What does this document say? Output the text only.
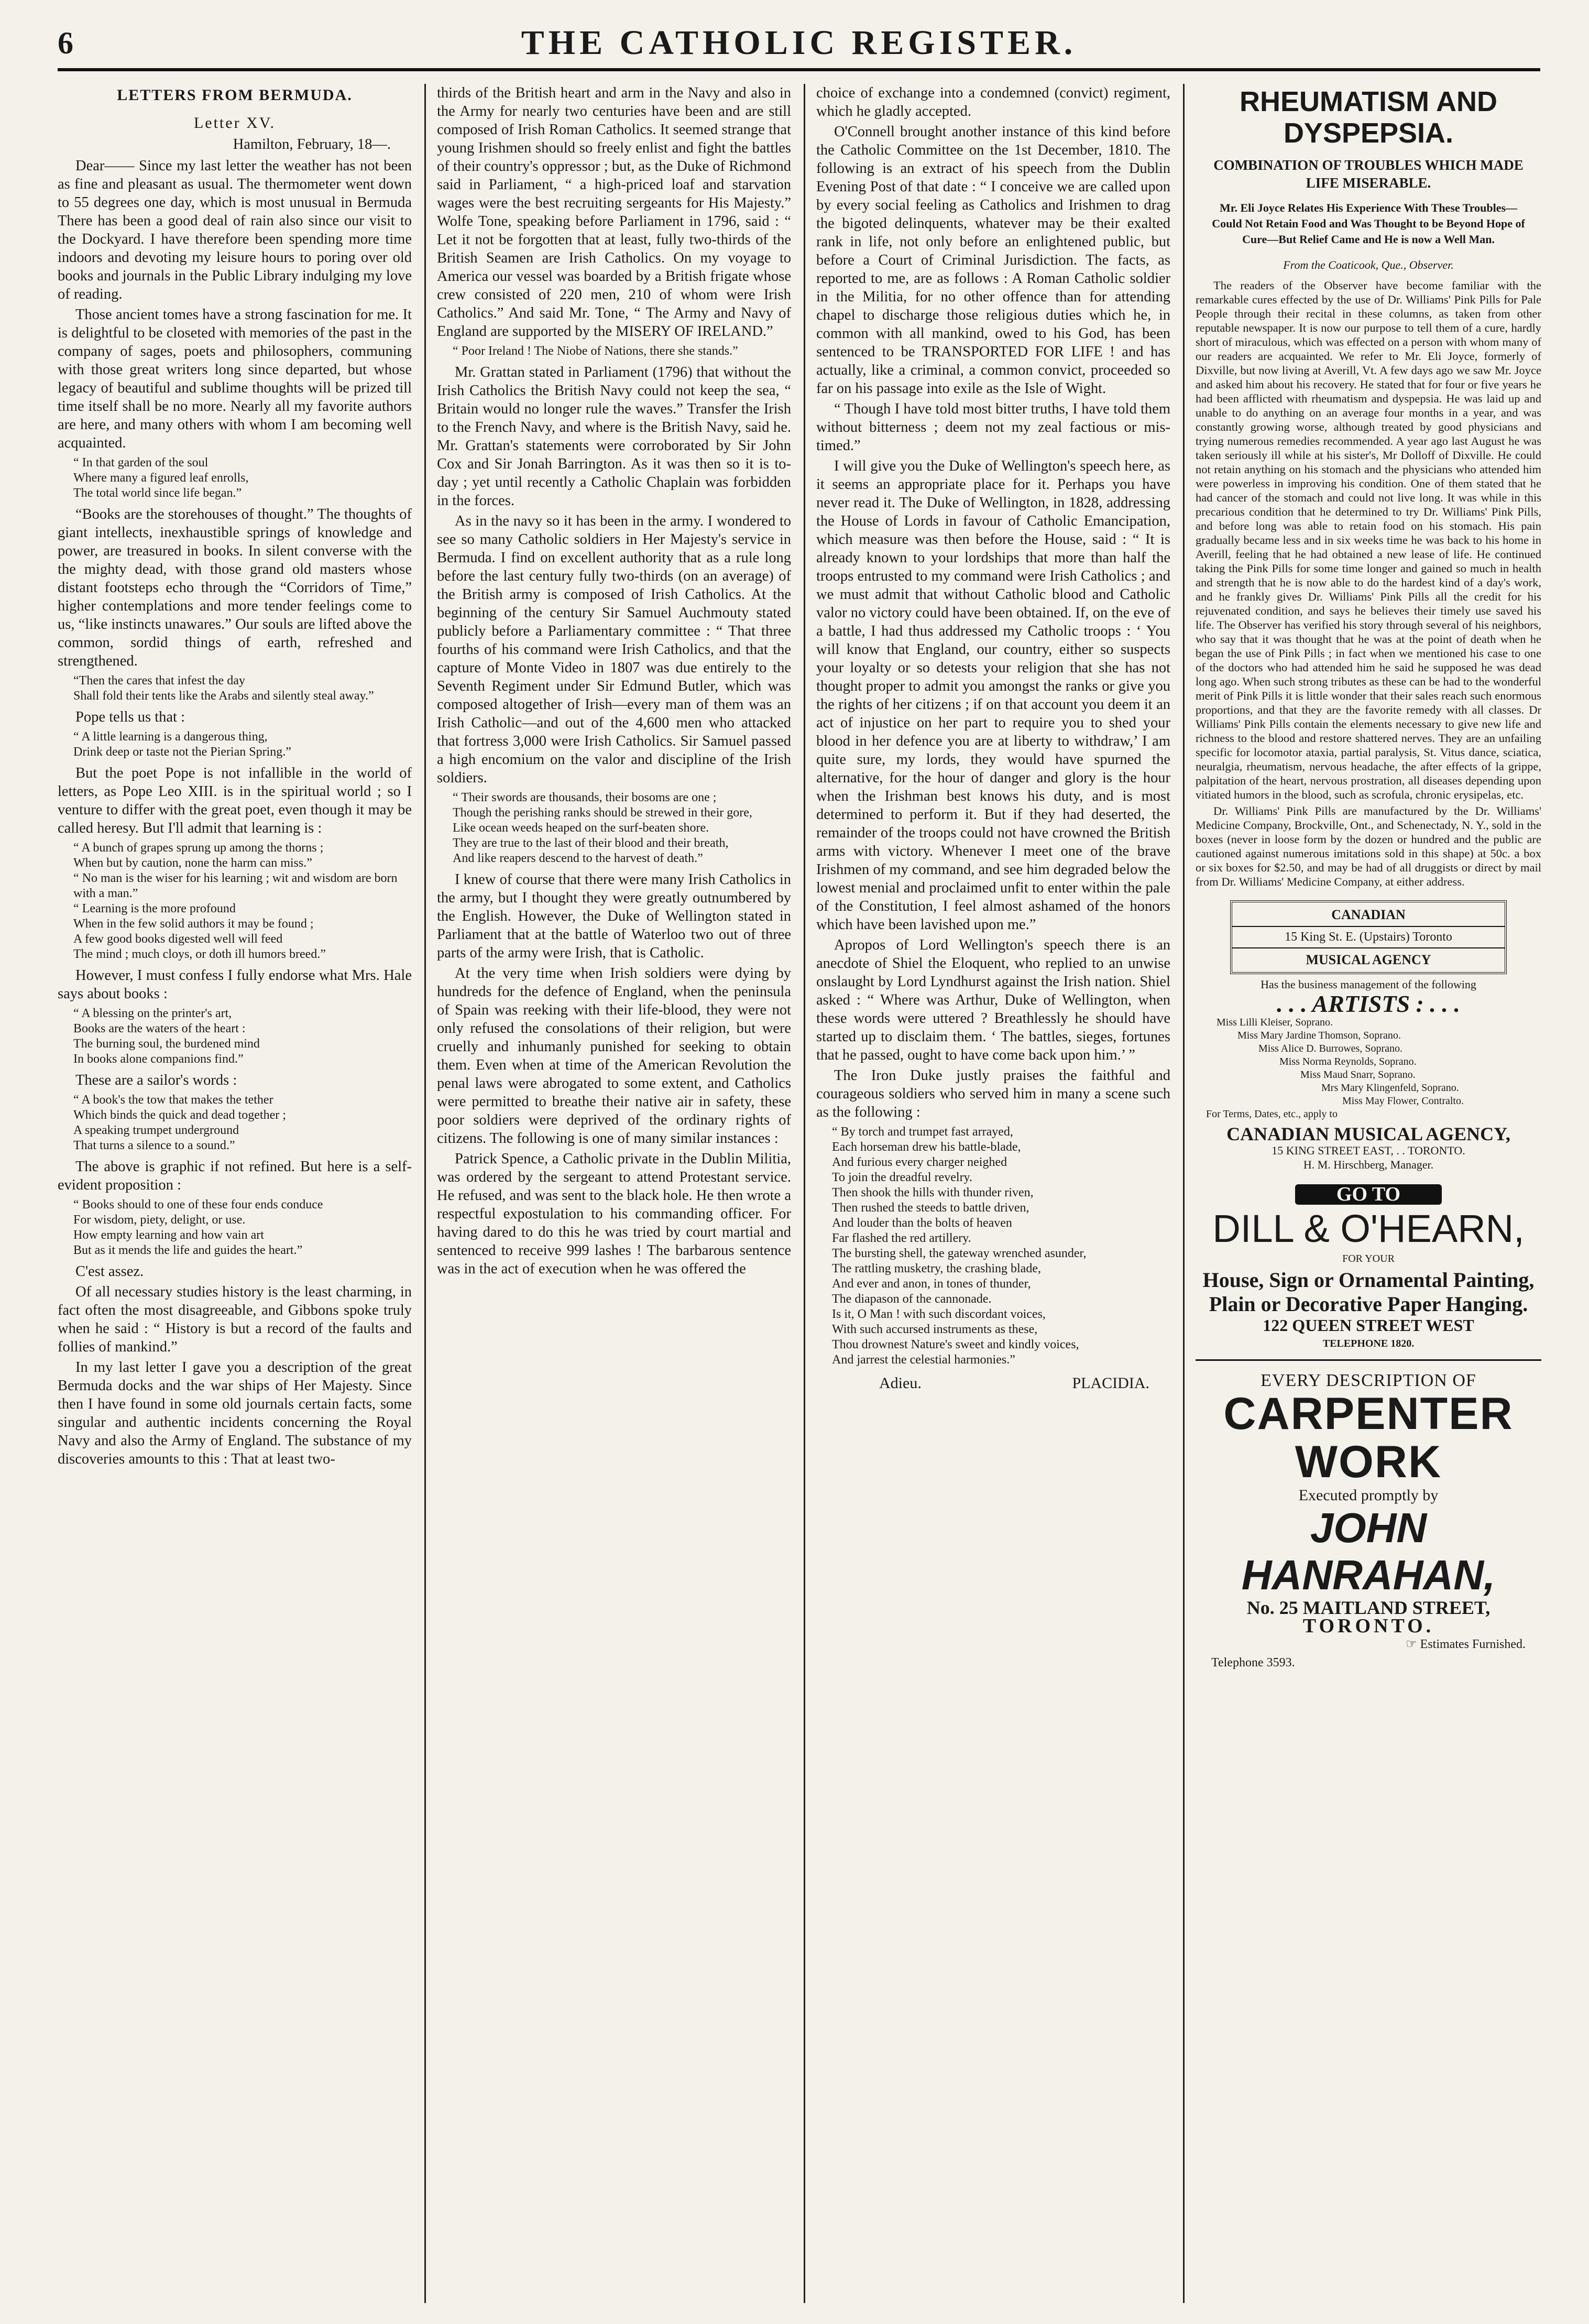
6	THE CATHOLIC REGISTER.
LETTERS FROM BERMUDA.
Letter XV.
Hamilton, February, 18—.

Dear—— Since my last letter the weather has not been as fine and pleasant as usual. The thermometer went down to 55 degrees one day, which is most unusual in Bermuda There has been a good deal of rain also since our visit to the Dockyard. I have therefore been spending more time indoors and devoting my leisure hours to poring over old books and journals in the Public Library indulging my love of reading.

Those ancient tomes have a strong fascination for me. It is delightful to be closeted with memories of the past in the company of sages, poets and philosophers, communing with those great writers long since departed, but whose legacy of beautiful and sublime thoughts will be prized till time itself shall be no more. Nearly all my favorite authors are here, and many others with whom I am becoming well acquainted.

“ In that garden of the soul
Where many a figured leaf enrolls,
The total world since life began.”

“Books are the storehouses of thought.” The thoughts of giant intellects, inexhaustible springs of knowledge and power, are treasured in books. In silent converse with the the mighty dead, with those grand old masters whose distant footsteps echo through the “Corridors of Time,” higher contemplations and more tender feelings come to us, “like instincts unawares.” Our souls are lifted above the common, sordid things of earth, refreshed and strengthened.

“Then the cares that infest the day
Shall fold their tents like the Arabs and silently steal away.”

Pope tells us that :

“ A little learning is a dangerous thing,
Drink deep or taste not the Pierian Spring.”

But the poet Pope is not infallible in the world of letters, as Pope Leo XIII. is in the spiritual world ; so I venture to differ with the great poet, even though it may be called heresy. But I'll admit that learning is :

“ A bunch of grapes sprung up among the thorns ;
When but by caution, none the harm can miss.”
“ No man is the wiser for his learning ; wit and wisdom are born with a man.”
“ Learning is the more profound
When in the few solid authors it may be found ;
A few good books digested well will feed
The mind ; much cloys, or doth ill humors breed.”

However, I must confess I fully endorse what Mrs. Hale says about books :

“ A blessing on the printer's art,
Books are the waters of the heart :
The burning soul, the burdened mind
In books alone companions find.”

These are a sailor's words :

“ A book's the tow that makes the tether
Which binds the quick and dead together ;
A speaking trumpet underground
That turns a silence to a sound.”

The above is graphic if not refined. But here is a self-evident proposition :

“ Books should to one of these four ends conduce
For wisdom, piety, delight, or use.
How empty learning and how vain art
But as it mends the life and guides the heart.”

C'est assez.

Of all necessary studies history is the least charming, in fact often the most disagreeable, and Gibbons spoke truly when he said : “ History is but a record of the faults and follies of mankind.”

In my last letter I gave you a description of the great Bermuda docks and the war ships of Her Majesty. Since then I have found in some old journals certain facts, some singular and authentic incidents concerning the Royal Navy and also the Army of England. The substance of my discoveries amounts to this : That at least two-

thirds of the British heart and arm in the Navy and also in the Army for nearly two centuries have been and are still composed of Irish Roman Catholics. It seemed strange that young Irishmen should so freely enlist and fight the battles of their country's oppressor ; but, as the Duke of Richmond said in Parliament, “ a high-priced loaf and starvation wages were the best recruiting sergeants for His Majesty.” Wolfe Tone, speaking before Parliament in 1796, said : “ Let it not be forgotten that at least, fully two-thirds of the British Seamen are Irish Catholics. On my voyage to America our vessel was boarded by a British frigate whose crew consisted of 220 men, 210 of whom were Irish Catholics.” And said Mr. Tone, “ The Army and Navy of England are supported by the MISERY OF IRELAND.”

“ Poor Ireland ! The Niobe of Nations, there she stands.”

Mr. Grattan stated in Parliament (1796) that without the Irish Catholics the British Navy could not keep the sea, “ Britain would no longer rule the waves.” Transfer the Irish to the French Navy, and where is the British Navy, said he. Mr. Grattan's statements were corroborated by Sir John Cox and Sir Jonah Barrington. As it was then so it is to-day ; yet until recently a Catholic Chaplain was forbidden in the forces.

As in the navy so it has been in the army. I wondered to see so many Catholic soldiers in Her Majesty's service in Bermuda. I find on excellent authority that as a rule long before the last century fully two-thirds (on an average) of the British army is composed of Irish Catholics. At the beginning of the century Sir Samuel Auchmouty stated publicly before a Parliamentary committee : “ That three fourths of his command were Irish Catholics, and that the capture of Monte Video in 1807 was due entirely to the Seventh Regiment under Sir Edmund Butler, which was composed altogether of Irish—every man of them was an Irish Catholic—and out of the 4,600 men who attacked that fortress 3,000 were Irish Catholics. Sir Samuel passed a high encomium on the valor and discipline of the Irish soldiers.

“ Their swords are thousands, their bosoms are one ;
Though the perishing ranks should be strewed in their gore,
Like ocean weeds heaped on the surf-beaten shore.
They are true to the last of their blood and their breath,
And like reapers descend to the harvest of death.”

I knew of course that there were many Irish Catholics in the army, but I thought they were greatly outnumbered by the English. However, the Duke of Wellington stated in Parliament that at the battle of Waterloo two out of three parts of the army were Irish, that is Catholic.

At the very time when Irish soldiers were dying by hundreds for the defence of England, when the peninsula of Spain was reeking with their life-blood, they were not only refused the consolations of their religion, but were cruelly and inhumanly punished for seeking to obtain them. Even when at time of the American Revolution the penal laws were abrogated to some extent, and Catholics were permitted to breathe their native air in safety, these poor soldiers were deprived of the ordinary rights of citizens. The following is one of many similar instances :

Patrick Spence, a Catholic private in the Dublin Militia, was ordered by the sergeant to attend Protestant service. He refused, and was sent to the black hole. He then wrote a respectful expostulation to his commanding officer. For having dared to do this he was tried by court martial and sentenced to receive 999 lashes ! The barbarous sentence was in the act of execution when he was offered the

choice of exchange into a condemned (convict) regiment, which he gladly accepted.

O'Connell brought another instance of this kind before the Catholic Committee on the 1st December, 1810. The following is an extract of his speech from the Dublin Evening Post of that date : “ I conceive we are called upon by every social feeling as Catholics and Irishmen to drag the bigoted delinquents, whatever may be their exalted rank in life, not only before an enlightened public, but before a Court of Criminal Jurisdiction. The facts, as reported to me, are as follows : A Roman Catholic soldier in the Militia, for no other offence than for attending chapel to discharge those religious duties which he, in common with all mankind, owed to his God, has been sentenced to be TRANSPORTED FOR LIFE ! and has actually, like a criminal, a common convict, proceeded so far on his passage into exile as the Isle of Wight.

“ Though I have told most bitter truths, I have told them without bitterness ; deem not my zeal factious or mis-timed.”

I will give you the Duke of Wellington's speech here, as it seems an appropriate place for it. Perhaps you have never read it. The Duke of Wellington, in 1828, addressing the House of Lords in favour of Catholic Emancipation, which measure was then before the House, said : “ It is already known to your lordships that more than half the troops entrusted to my command were Irish Catholics ; and we must admit that without Catholic blood and Catholic valor no victory could have been obtained. If, on the eve of a battle, I had thus addressed my Catholic troops : ‘ You will know that England, our country, either so suspects your loyalty or so detests your religion that she has not thought proper to admit you amongst the ranks or give you the rights of her citizens ; if on that account you deem it an act of injustice on her part to require you to shed your blood in her defence you are at liberty to withdraw,’ I am quite sure, my lords, they would have spurned the alternative, for the hour of danger and glory is the hour when the Irishman best knows his duty, and is most determined to perform it. But if they had deserted, the remainder of the troops could not have crowned the British arms with victory. Whenever I meet one of the brave Irishmen of my command, and see him degraded below the lowest menial and proclaimed unfit to enter within the pale of the Constitution, I feel almost ashamed of the honors which have been lavished upon me.”

Apropos of Lord Wellington's speech there is an anecdote of Shiel the Eloquent, who replied to an unwise onslaught by Lord Lyndhurst against the Irish nation. Shiel asked : “ Where was Arthur, Duke of Wellington, when these words were uttered ? Breathlessly he should have started up to disclaim them. ‘ The battles, sieges, fortunes that he passed, ought to have come back upon him.’ ”

The Iron Duke justly praises the faithful and courageous soldiers who served him in many a scene such as the following :

“ By torch and trumpet fast arrayed,
Each horseman drew his battle-blade,
And furious every charger neighed
To join the dreadful revelry.
Then shook the hills with thunder riven,
Then rushed the steeds to battle driven,
And louder than the bolts of heaven
Far flashed the red artillery.
The bursting shell, the gateway wrenched asunder,
The rattling musketry, the crashing blade,
And ever and anon, in tones of thunder,
The diapason of the cannonade.
Is it, O Man ! with such discordant voices,
With such accursed instruments as these,
Thou drownest Nature's sweet and kindly voices,
And jarrest the celestial harmonies.”
Adieu.	PLACIDIA.
RHEUMATISM AND DYSPEPSIA.
COMBINATION OF TROUBLES WHICH MADE LIFE MISERABLE.
Mr. Eli Joyce Relates His Experience With These Troubles—Could Not Retain Food and Was Thought to be Beyond Hope of Cure—But Relief Came and He is now a Well Man.
From the Coaticook, Que., Observer.

The readers of the Observer have become familiar with the remarkable cures effected by the use of Dr. Williams' Pink Pills for Pale People through their recital in these columns, as taken from other reputable newspaper. It is now our purpose to tell them of a cure, hardly short of miraculous, which was effected on a person with whom many of our readers are acquainted. We refer to Mr. Eli Joyce, formerly of Dixville, but now living at Averill, Vt. A few days ago we saw Mr. Joyce and asked him about his recovery. He stated that for four or five years he had been afflicted with rheumatism and dyspepsia. He was laid up and unable to do anything on an average four months in a year, and was constantly growing worse, although treated by good physicians and trying numerous remedies recommended. A year ago last August he was taken seriously ill while at his sister's, Mr Dolloff of Dixville. He could not retain anything on his stomach and the physicians who attended him were powerless in improving his condition. One of them stated that he had cancer of the stomach and could not live long. It was while in this precarious condition that he determined to try Dr. Williams' Pink Pills, and before long was able to retain food on his stomach. His pain gradually became less and in six weeks time he was back to his home in Averill, feeling that he had obtained a new lease of life. He continued taking the Pink Pills for some time longer and gained so much in health and strength that he is now able to do the hardest kind of a day's work, and he frankly gives Dr. Williams' Pink Pills all the credit for his rejuvenated condition, and says he believes their timely use saved his life. The Observer has verified his story through several of his neighbors, who say that it was thought that he was at the point of death when he began the use of Pink Pills ; in fact when we mentioned his case to one of the doctors who had attended him he said he supposed he was dead long ago. When such strong tributes as these can be had to the wonderful merit of Pink Pills it is little wonder that their sales reach such enormous proportions, and that they are the favorite remedy with all classes. Dr Williams' Pink Pills contain the elements necessary to give new life and richness to the blood and restore shattered nerves. They are an unfailing specific for locomotor ataxia, partial paralysis, St. Vitus dance, sciatica, neuralgia, rheumatism, nervous headache, the after effects of la grippe, palpitation of the heart, nervous prostration, all diseases depending upon vitiated humors in the blood, such as scrofula, chronic erysipelas, etc.

Dr. Williams' Pink Pills are manufactured by the Dr. Williams' Medicine Company, Brockville, Ont., and Schenectady, N. Y., sold in the boxes (never in loose form by the dozen or hundred and the public are cautioned against numerous imitations sold in this shape) at 50c. a box or six boxes for $2.50, and may be had of all druggists or direct by mail from Dr. Williams' Medicine Company, at either address.

CANADIAN
15 King St. E. (Upstairs) Toronto
MUSICAL AGENCY
Has the business management of the following
. . . ARTISTS : . . .
Miss Lilli Kleiser, Soprano.
Miss Mary Jardine Thomson, Soprano.
Miss Alice D. Burrowes, Soprano.
Miss Norma Reynolds, Soprano.
Miss Maud Snarr, Soprano.
Mrs Mary Klingenfeld, Soprano.
Miss May Flower, Contralto.
For Terms, Dates, etc., apply to
CANADIAN MUSICAL AGENCY,
15 KING STREET EAST, . . TORONTO.
H. M. Hirschberg, Manager.
GO TO
DILL & O'HEARN,
FOR YOUR
House, Sign or Ornamental Painting, Plain or Decorative Paper Hanging.
122 QUEEN STREET WEST
TELEPHONE 1820.
EVERY DESCRIPTION OF
CARPENTER WORK
Executed promptly by
JOHN HANRAHAN,
No. 25 MAITLAND STREET,
TORONTO.
☞ Estimates Furnished.
Telephone 3593.
